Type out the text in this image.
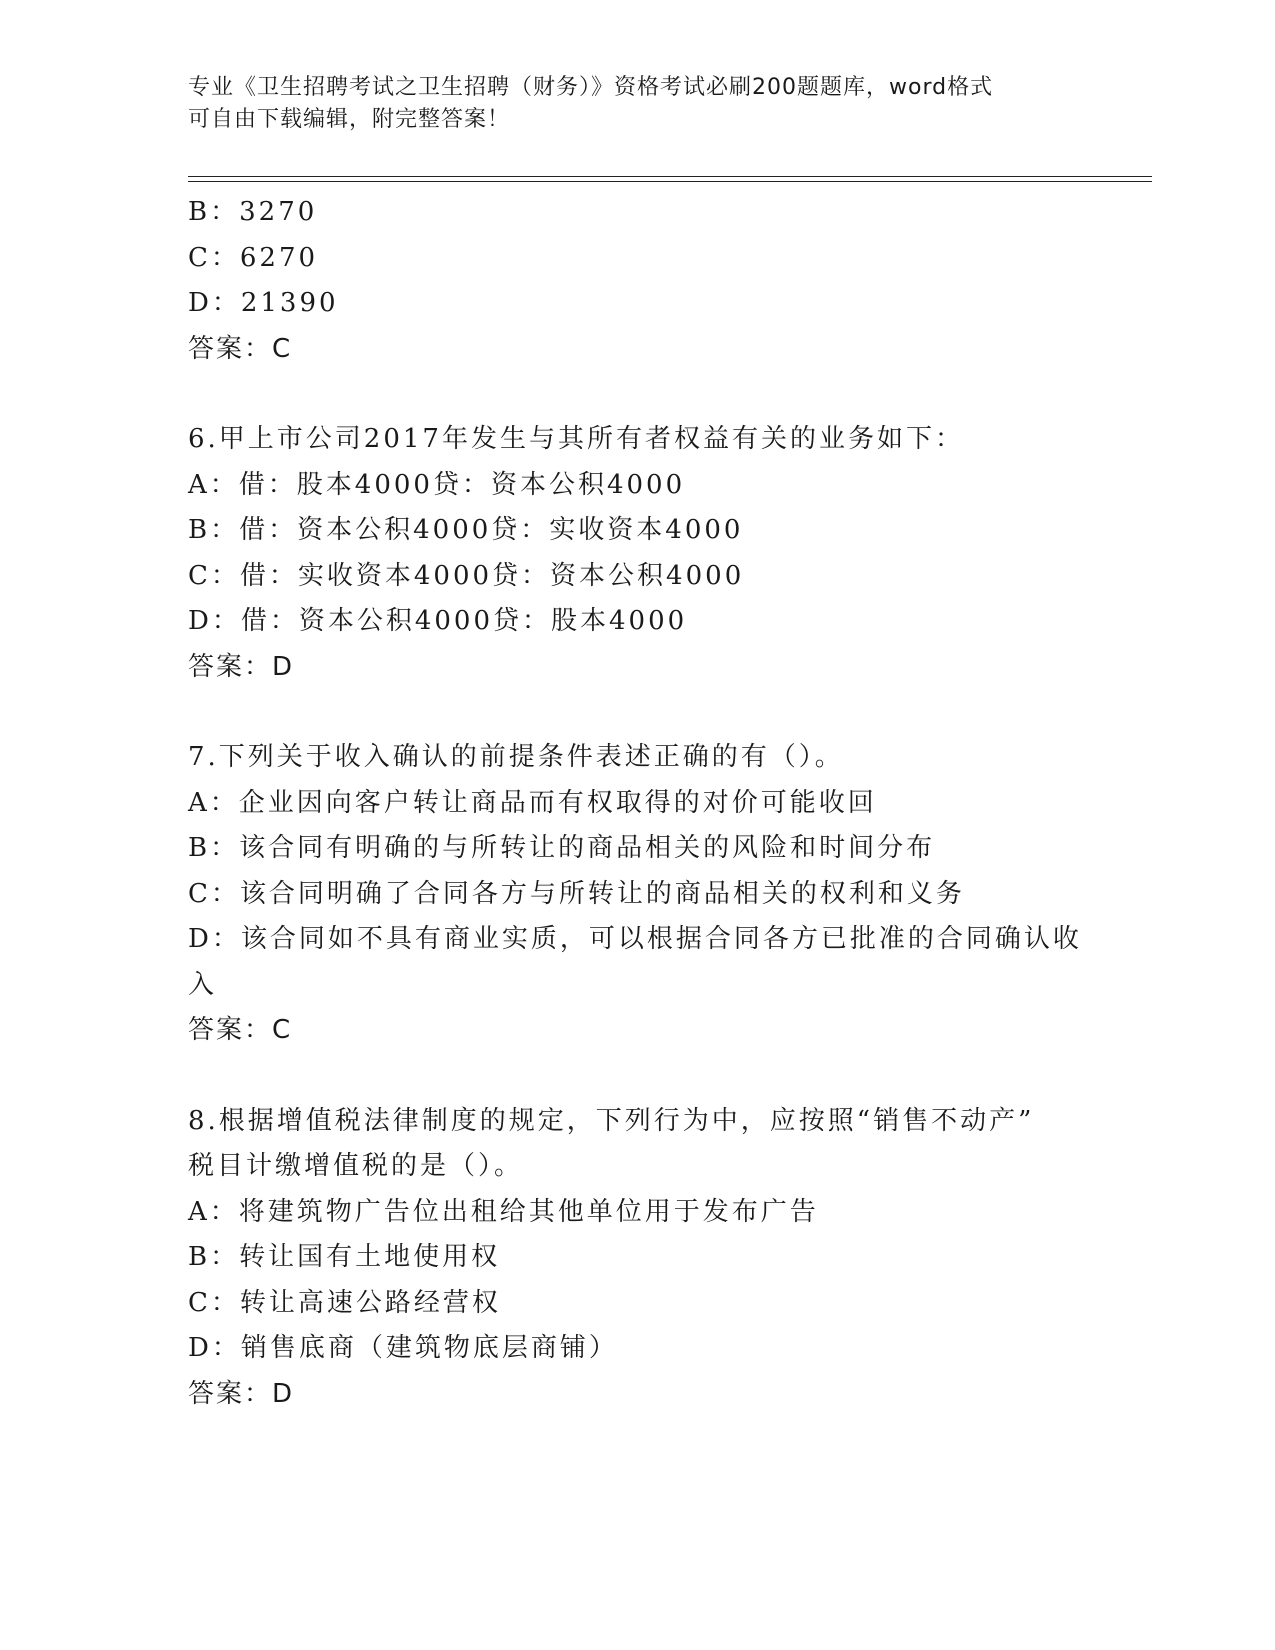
专业《卫生招聘考试之卫生招聘（财务）》资格考试必刷200题题库，word格式
可自由下载编辑，附完整答案！
B：3270
C：6270
D：21390
答案：C
6.甲上市公司2017年发生与其所有者权益有关的业务如下：
A：借：股本4000贷：资本公积4000
B：借：资本公积4000贷：实收资本4000
C：借：实收资本4000贷：资本公积4000
D：借：资本公积4000贷：股本4000
答案：D
7.下列关于收入确认的前提条件表述正确的有（）。
A：企业因向客户转让商品而有权取得的对价可能收回
B：该合同有明确的与所转让的商品相关的风险和时间分布
C：该合同明确了合同各方与所转让的商品相关的权利和义务
D：该合同如不具有商业实质，可以根据合同各方已批准的合同确认收
入
答案：C
8.根据增值税法律制度的规定，下列行为中，应按照“销售不动产”
税目计缴增值税的是（）。
A：将建筑物广告位出租给其他单位用于发布广告
B：转让国有土地使用权
C：转让高速公路经营权
D：销售底商（建筑物底层商铺）
答案：D
